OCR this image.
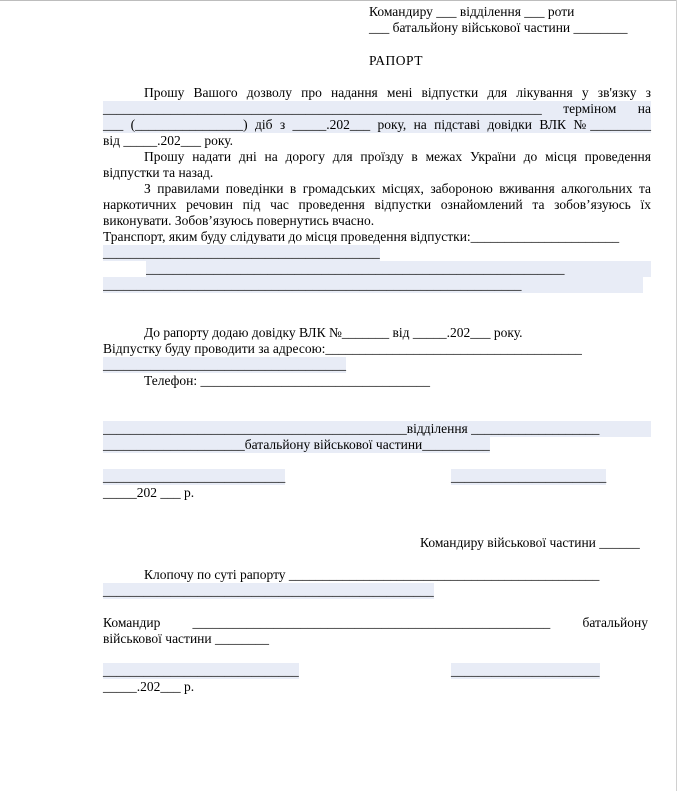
Командиру ___ відділення ___ роти
___ батальйону військової частини ________
РАПОРТ
Прошу Вашого дозволу про надання мені відпустки для лікування у зв'язку з
_________________________________________________________________ терміном на
___ (________________) діб з _____.202___ року, на підставі довідки ВЛК №_________
від _____.202___ року.
Прошу надати дні на дорогу для проїзду в межах України до місця проведення
відпустки та назад.
З правилами поведінки в громадських місцях, забороною вживання алкогольних та
наркотичних речовин під час проведення відпустки ознайомлений та зобов’язуюсь їх
виконувати. Зобов’язуюсь повернутись вчасно.
Транспорт, яким буду слідувати до місця проведення відпустки:______________________
_________________________________________
______________________________________________________________
______________________________________________________________
До рапорту додаю довідку ВЛК №_______ від _____.202___ року.
Відпустку буду проводити за адресою:______________________________________
____________________________________
Телефон: __________________________________
_____________________________________________відділення ___________________
_____________________батальйону військової частини__________
___________________________	_______________________
_____202 ___ р.
Командиру військової частини ______
Клопочу по суті рапорту ______________________________________________
_________________________________________________
Командир _____________________________________________________ батальйону
військової частини ________
_____________________________	______________________
_____.202___ р.
